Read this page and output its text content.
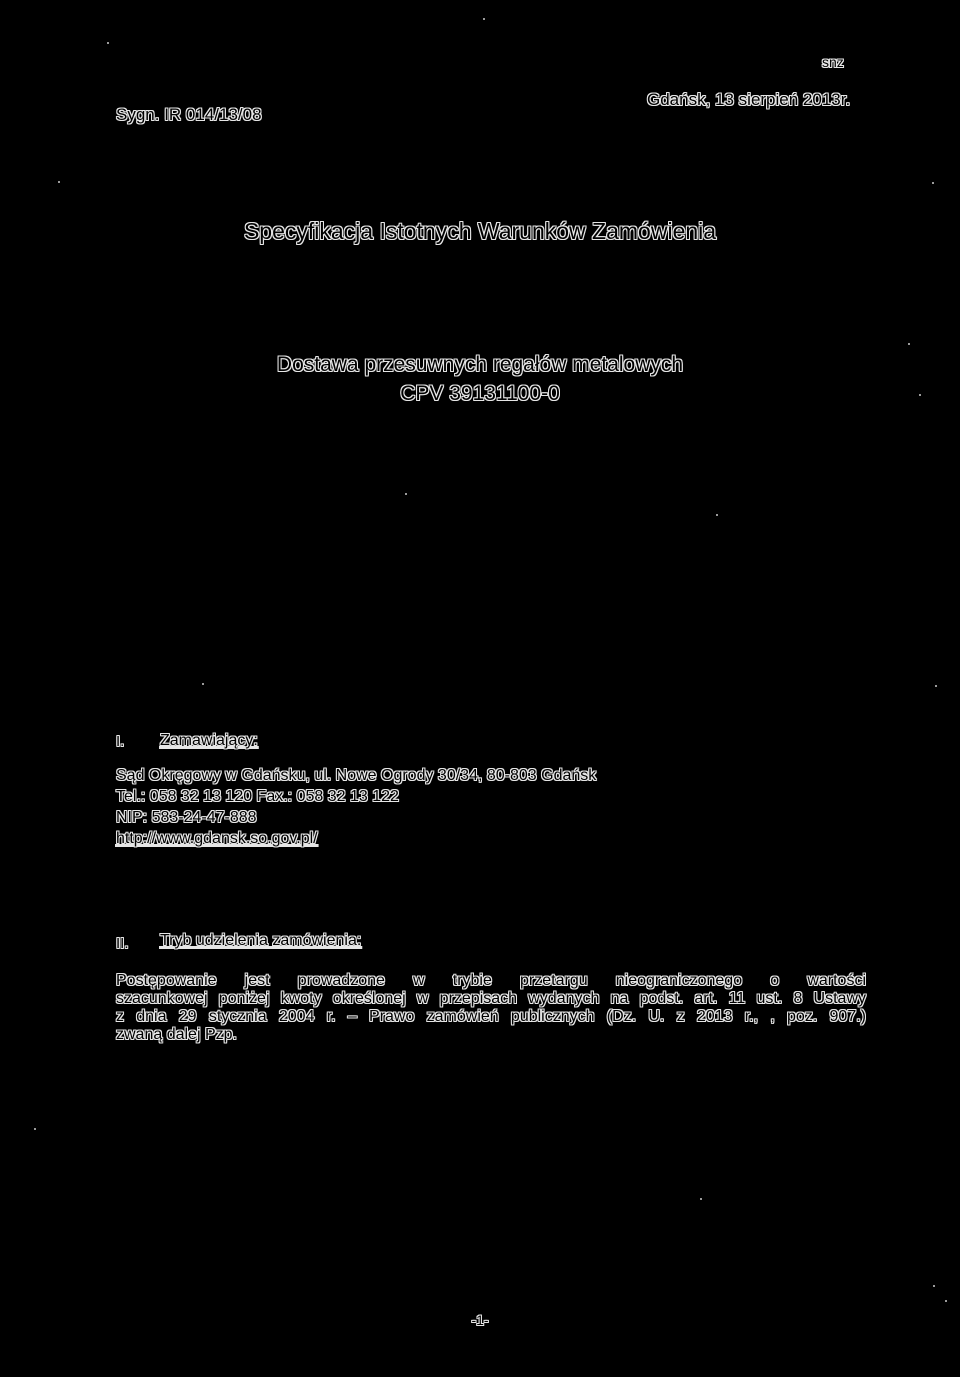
snz
Sygn. IR 014/13/08
Gdańsk, 13 sierpień 2013r.
Specyfikacja Istotnych Warunków Zamówienia
Dostawa przesuwnych regałów metalowych
CPV 39131100-0
I. Zamawiający:
Sąd Okręgowy w Gdańsku, ul. Nowe Ogrody 30/34, 80-803 Gdańsk
Tel.: 058 32 13 120 Fax.: 058 32 13 122
NIP: 583-24-47-888
http://www.gdansk.so.gov.pl/
II. Tryb udzielenia zamówienia:
Postępowanie jest prowadzone w trybie przetargu nieograniczonego o wartości
szacunkowej poniżej kwoty określonej w przepisach wydanych na podst. art. 11 ust. 8 Ustawy
z dnia 29 stycznia 2004 r. – Prawo zamówień publicznych (Dz. U. z 2013 r., , poz. 907.)
zwaną dalej Pzp.
-1-
